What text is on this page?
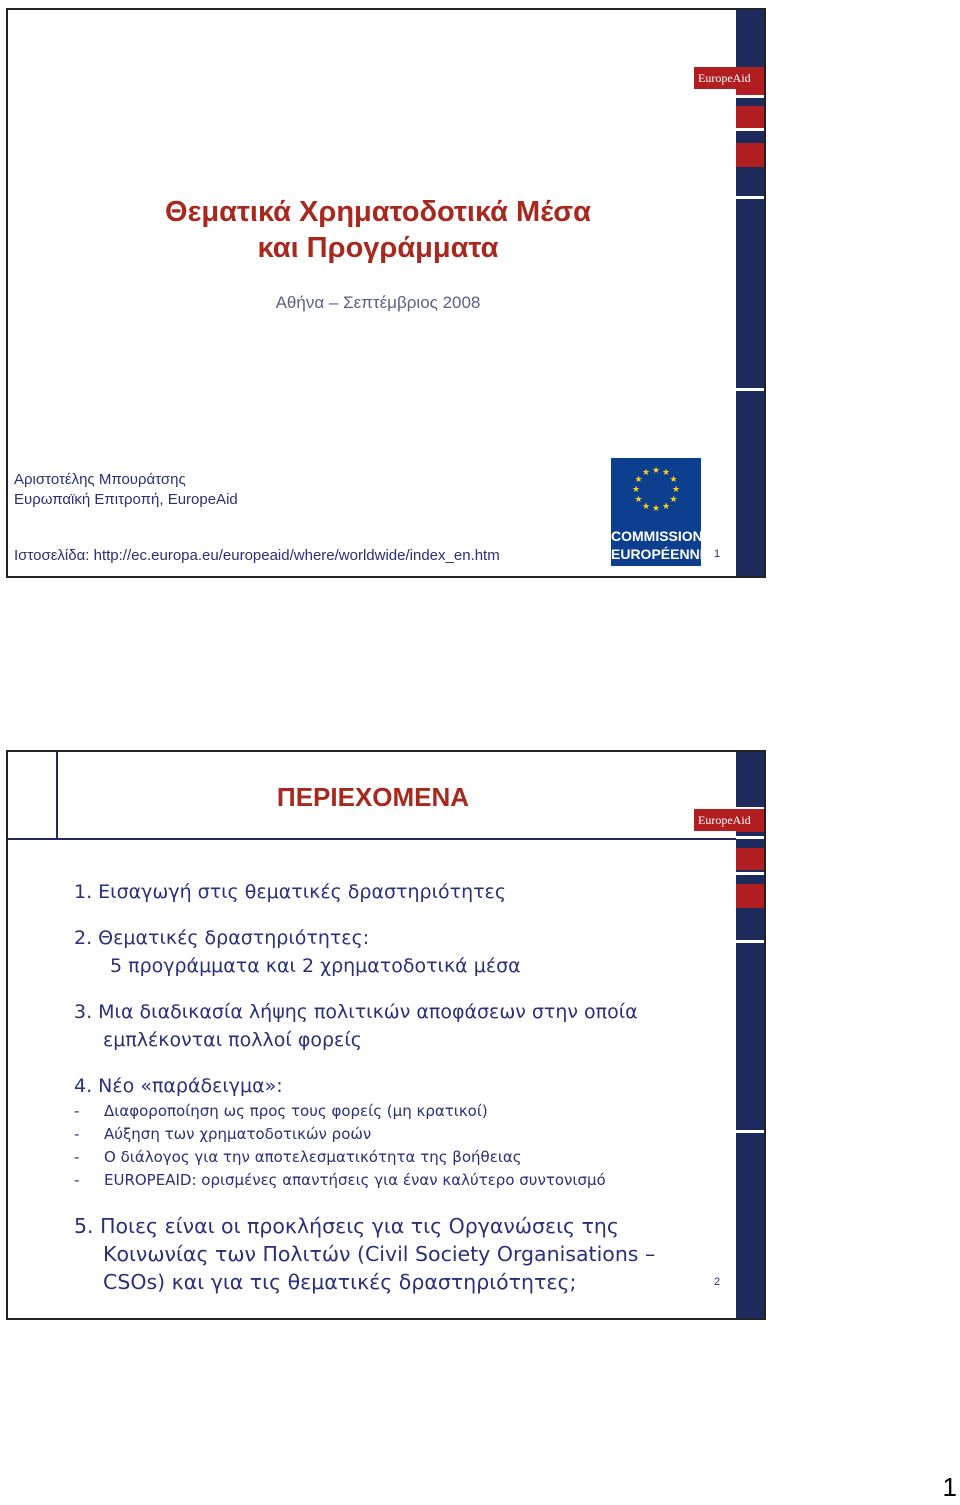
EuropeAid
Θεματικά Χρηματοδοτικά Μέσα
και Προγράμματα
Αθήνα – Σεπτέμβριος 2008
Αριστοτέλης Μπουράτσης
Ευρωπαϊκή Επιτροπή, EuropeAid
Ιστοσελίδα: http://ec.europa.eu/europeaid/where/worldwide/index_en.htm
★ ★
★
★
★
★
★
★
★
★
★
★
COMMISSION
EUROPÉENNE 1
EuropeAid
ΠΕΡΙΕΧΟΜΕΝΑ
1. Εισαγωγή στις θεματικές δραστηριότητες
2. Θεματικές δραστηριότητες:
5 προγράμματα και 2 χρηματοδοτικά μέσα
3. Μια διαδικασία λήψης πολιτικών αποφάσεων στην οποία
εμπλέκονται πολλοί φορείς
4. Νέο «παράδειγμα»:
- Διαφοροποίηση ως προς τους φορείς (μη κρατικοί)
- Αύξηση των χρηματοδοτικών ροών
- Ο διάλογος για την αποτελεσματικότητα της βοήθειας
- EUROPEAID: ορισμένες απαντήσεις για έναν καλύτερο συντονισμό
5. Ποιες είναι οι προκλήσεις για τις Οργανώσεις της
Κοινωνίας των Πολιτών (Civil Society Organisations –
CSOs) και για τις θεματικές δραστηριότητες;	2
1
